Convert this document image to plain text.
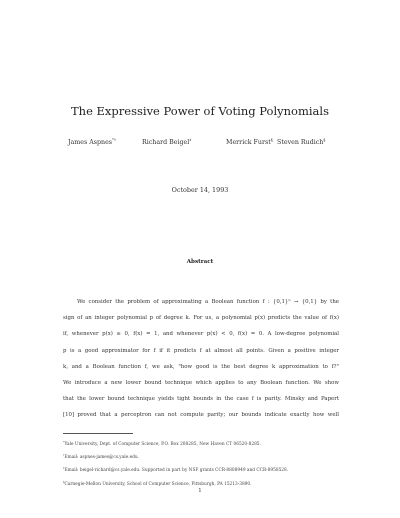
The Expressive Power of Voting Polynomials
James Aspnes*†	Richard Beigel‡	Merrick Furst§ Steven Rudich§
October 14, 1993
Abstract
We consider the problem of approximating a Boolean function f : {0,1}ⁿ → {0,1} by the
sign of an integer polynomial p of degree k. For us, a polynomial p(x) predicts the value of f(x)
if, whenever p(x) ≥ 0, f(x) = 1, and whenever p(x) < 0, f(x) = 0. A low-degree polynomial
p is a good approximator for f if it predicts f at almost all points. Given a positive integer
k, and a Boolean function f, we ask, "how good is the best degree k approximation to f?"
We introduce a new lower bound technique which applies to any Boolean function. We show
that the lower bound technique yields tight bounds in the case f is parity. Minsky and Papert
[10] proved that a perceptron can not compute parity; our bounds indicate exactly how well
*Yale University, Dept. of Computer Science, P.O. Box 208285, New Haven CT 06520-8285.
†Email: aspnes-james@cs.yale.edu.
‡Email: beigel-richard@cs.yale.edu. Supported in part by NSF grants CCR-8808949 and CCR-8958528.
§Carnegie-Mellon University, School of Computer Science, Pittsburgh, PA 15213-3890.
1
